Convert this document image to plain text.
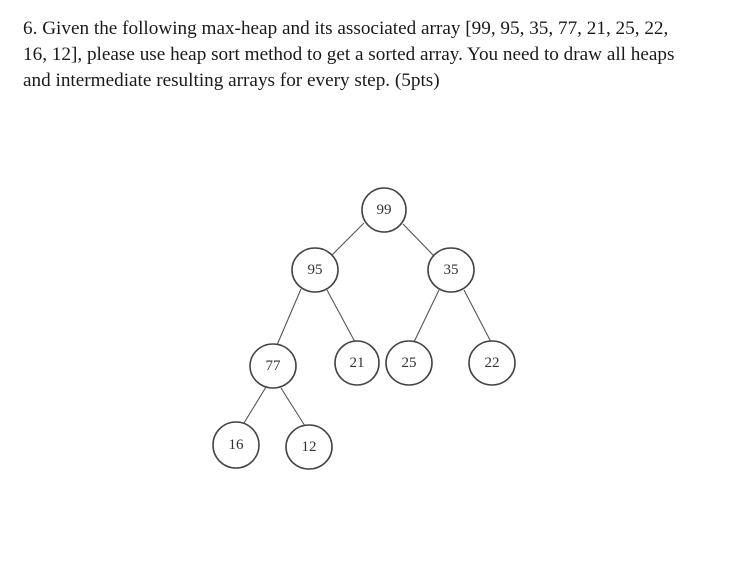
6. Given the following max-heap and its associated array [99, 95, 35, 77, 21, 25, 22,
16, 12], please use heap sort method to get a sorted array. You need to draw all heaps
and intermediate resulting arrays for every step. (5pts)

99
95	35
77	21 25	22
16	12
